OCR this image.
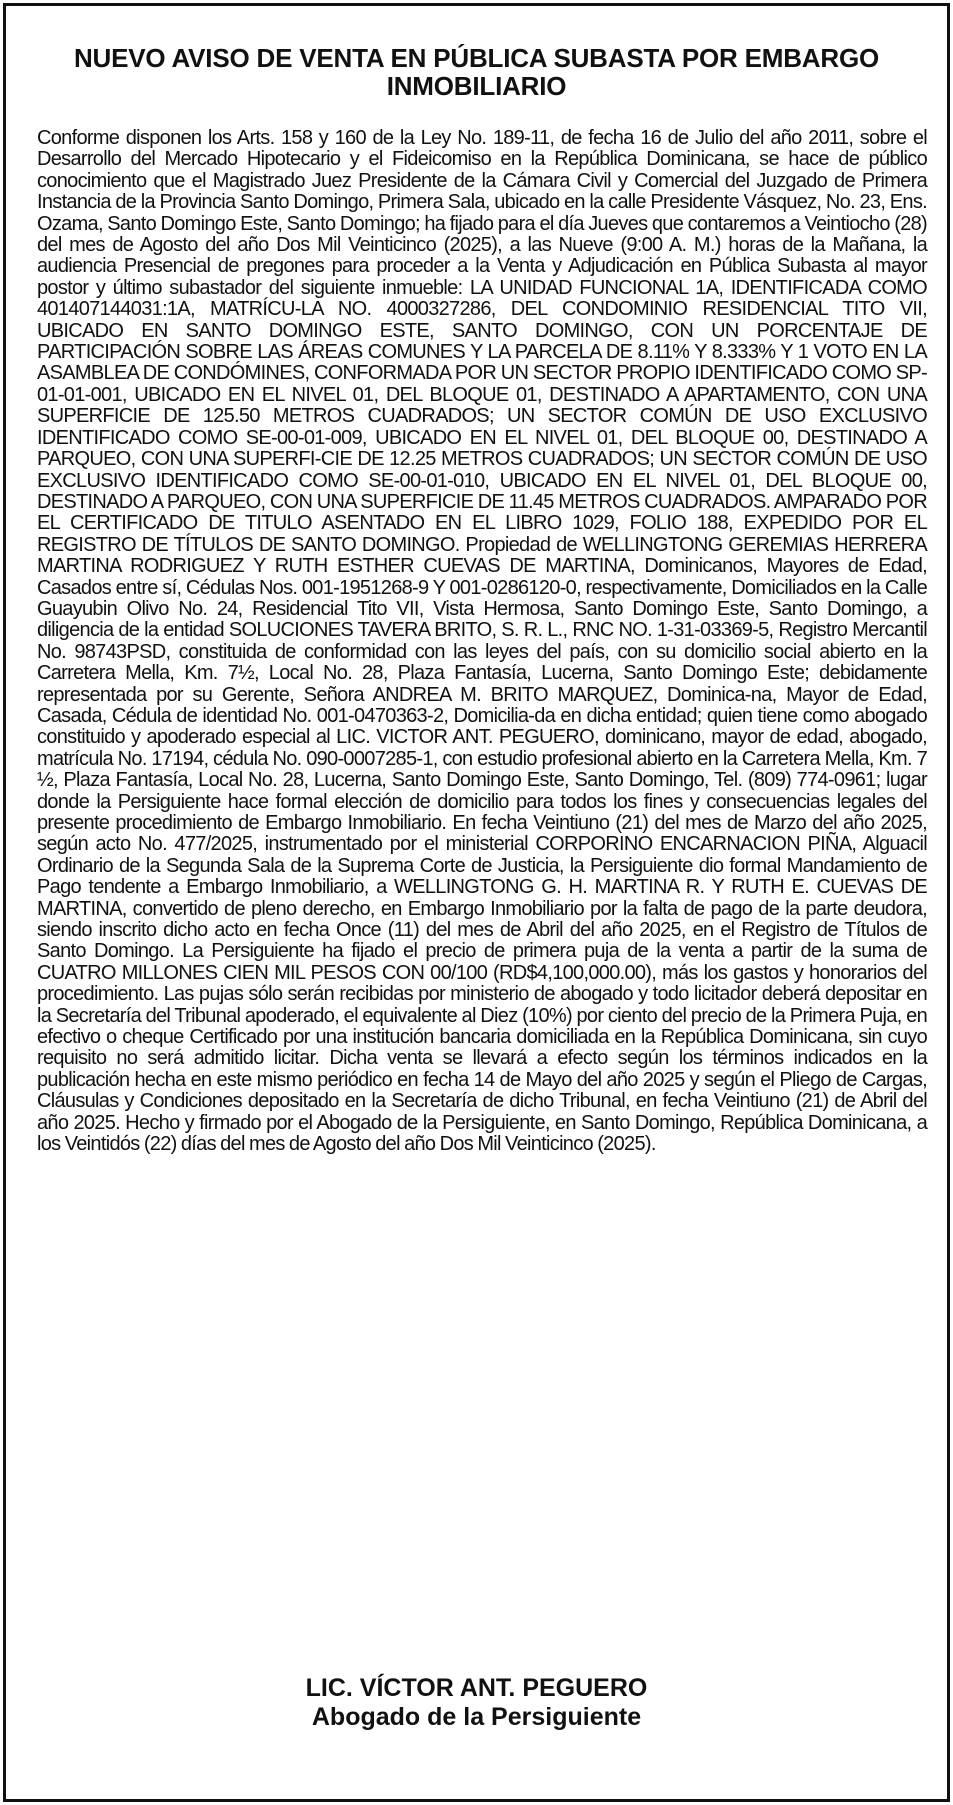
NUEVO AVISO DE VENTA EN PÚBLICA SUBASTA POR EMBARGO INMOBILIARIO

Conforme disponen los Arts. 158 y 160 de la Ley No. 189-11, de fecha 16 de Julio del año 2011, sobre el Desarrollo del Mercado Hipotecario y el Fideicomiso en la República Dominicana, se hace de público conocimiento que el Magistrado Juez Presidente de la Cámara Civil y Comercial del Juzgado de Primera Instancia de la Provincia Santo Domingo, Primera Sala, ubicado en la calle Presidente Vásquez, No. 23, Ens. Ozama, Santo Domingo Este, Santo Domingo; ha fijado para el día Jueves que contaremos a Veintiocho (28) del mes de Agosto del año Dos Mil Veinticinco (2025), a las Nueve (9:00 A. M.) horas de la Mañana, la audiencia Presencial de pregones para proceder a la Venta y Adjudicación en Pública Subasta al mayor postor y último subastador del siguiente inmueble: LA UNIDAD FUNCIONAL 1A, IDENTIFICADA COMO 401407144031:1A, MATRÍCU-LA NO. 4000327286, DEL CONDOMINIO RESIDENCIAL TITO VII, UBICADO EN SANTO DOMINGO ESTE, SANTO DOMINGO, CON UN PORCENTAJE DE PARTICIPACIÓN SOBRE LAS ÁREAS COMUNES Y LA PARCELA DE 8.11% Y 8.333% Y 1 VOTO EN LA ASAMBLEA DE CONDÓMINES, CONFORMADA POR UN SECTOR PROPIO IDENTIFICADO COMO SP-01-01-001, UBICADO EN EL NIVEL 01, DEL BLOQUE 01, DESTINADO A APARTAMENTO, CON UNA SUPERFICIE DE 125.50 METROS CUADRADOS; UN SECTOR COMÚN DE USO EXCLUSIVO IDENTIFICADO COMO SE-00-01-009, UBICADO EN EL NIVEL 01, DEL BLOQUE 00, DESTINADO A PARQUEO, CON UNA SUPERFI-CIE DE 12.25 METROS CUADRADOS; UN SECTOR COMÚN DE USO EXCLUSIVO IDENTIFICADO COMO SE-00-01-010, UBICADO EN EL NIVEL 01, DEL BLOQUE 00, DESTINADO A PARQUEO, CON UNA SUPERFICIE DE 11.45 METROS CUADRADOS. AMPARADO POR EL CERTIFICADO DE TITULO ASENTADO EN EL LIBRO 1029, FOLIO 188, EXPEDIDO POR EL REGISTRO DE TÍTULOS DE SANTO DOMINGO. Propiedad de WELLINGTONG GEREMIAS HERRERA MARTINA RODRIGUEZ Y RUTH ESTHER CUEVAS DE MARTINA, Dominicanos, Mayores de Edad, Casados entre sí, Cédulas Nos. 001-1951268-9 Y 001-0286120-0, respectivamente, Domiciliados en la Calle Guayubin Olivo No. 24, Residencial Tito VII, Vista Hermosa, Santo Domingo Este, Santo Domingo, a diligencia de la entidad SOLUCIONES TAVERA BRITO, S. R. L., RNC NO. 1-31-03369-5, Registro Mercantil No. 98743PSD, constituida de conformidad con las leyes del país, con su domicilio social abierto en la Carretera Mella, Km. 7½, Local No. 28, Plaza Fantasía, Lucerna, Santo Domingo Este; debidamente representada por su Gerente, Señora ANDREA M. BRITO MARQUEZ, Dominica-na, Mayor de Edad, Casada, Cédula de identidad No. 001-0470363-2, Domicilia-da en dicha entidad; quien tiene como abogado constituido y apoderado especial al LIC. VICTOR ANT. PEGUERO, dominicano, mayor de edad, abogado, matrícula No. 17194, cédula No. 090-0007285-1, con estudio profesional abierto en la Carretera Mella, Km. 7 ½, Plaza Fantasía, Local No. 28, Lucerna, Santo Domingo Este, Santo Domingo, Tel. (809) 774-0961; lugar donde la Persiguiente hace formal elección de domicilio para todos los fines y consecuencias legales del presente procedimiento de Embargo Inmobiliario. En fecha Veintiuno (21) del mes de Marzo del año 2025, según acto No. 477/2025, instrumentado por el ministerial CORPORINO ENCARNACION PIÑA, Alguacil Ordinario de la Segunda Sala de la Suprema Corte de Justicia, la Persiguiente dio formal Mandamiento de Pago tendente a Embargo Inmobiliario, a WELLINGTONG G. H. MARTINA R. Y RUTH E. CUEVAS DE MARTINA, convertido de pleno derecho, en Embargo Inmobiliario por la falta de pago de la parte deudora, siendo inscrito dicho acto en fecha Once (11) del mes de Abril del año 2025, en el Registro de Títulos de Santo Domingo. La Persiguiente ha fijado el precio de primera puja de la venta a partir de la suma de CUATRO MILLONES CIEN MIL PESOS CON 00/100 (RD$4,100,000.00), más los gastos y honorarios del procedimiento. Las pujas sólo serán recibidas por ministerio de abogado y todo licitador deberá depositar en la Secretaría del Tribunal apoderado, el equivalente al Diez (10%) por ciento del precio de la Primera Puja, en efectivo o cheque Certificado por una institución bancaria domiciliada en la República Dominicana, sin cuyo requisito no será admitido licitar. Dicha venta se llevará a efecto según los términos indicados en la publicación hecha en este mismo periódico en fecha 14 de Mayo del año 2025 y según el Pliego de Cargas, Cláusulas y Condiciones depositado en la Secretaría de dicho Tribunal, en fecha Veintiuno (21) de Abril del año 2025. Hecho y firmado por el Abogado de la Persiguiente, en Santo Domingo, República Dominicana, a los Veintidós (22) días del mes de Agosto del año Dos Mil Veinticinco (2025).

LIC. VÍCTOR ANT. PEGUERO
Abogado de la Persiguiente
